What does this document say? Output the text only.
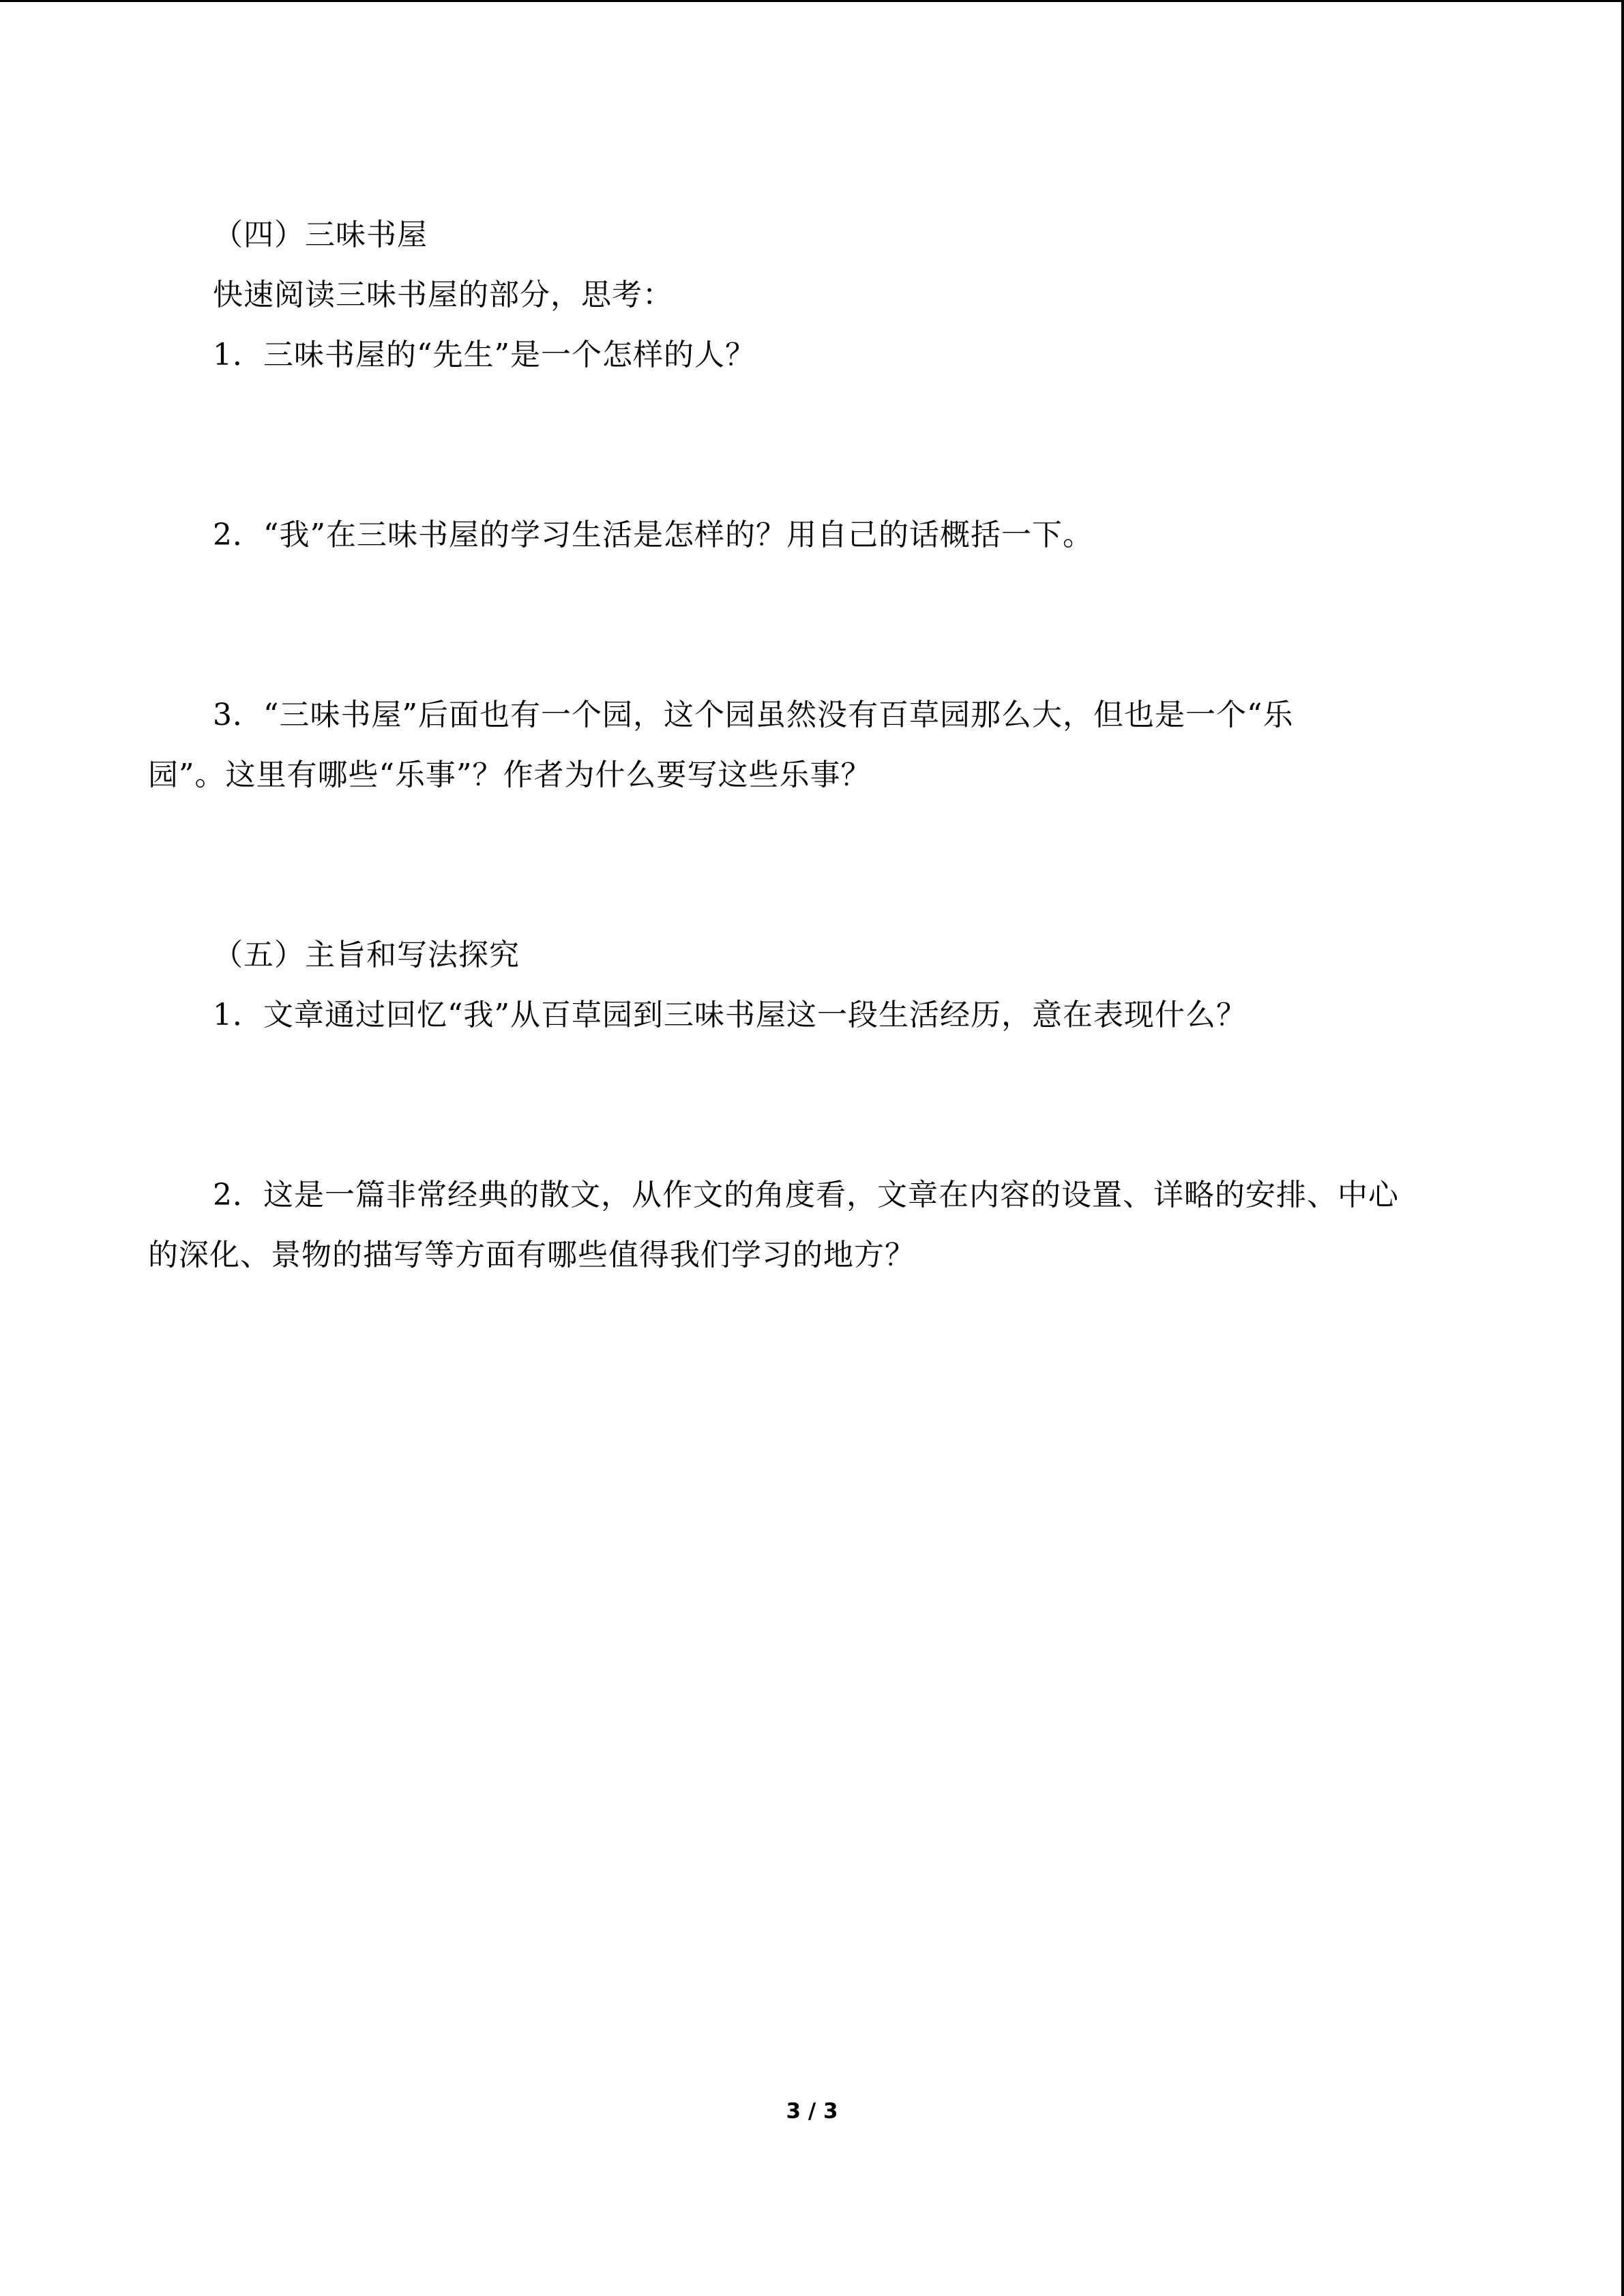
（四）三味书屋
快速阅读三味书屋的部分，思考：
1．三味书屋的“先生”是一个怎样的人？
2．“我”在三味书屋的学习生活是怎样的？用自己的话概括一下。
3．“三味书屋”后面也有一个园，这个园虽然没有百草园那么大，但也是一个“乐
园”。这里有哪些“乐事”？作者为什么要写这些乐事？
（五）主旨和写法探究
1．文章通过回忆“我”从百草园到三味书屋这一段生活经历，意在表现什么？
2．这是一篇非常经典的散文，从作文的角度看，文章在内容的设置、详略的安排、中心
的深化、景物的描写等方面有哪些值得我们学习的地方？
3 / 3
